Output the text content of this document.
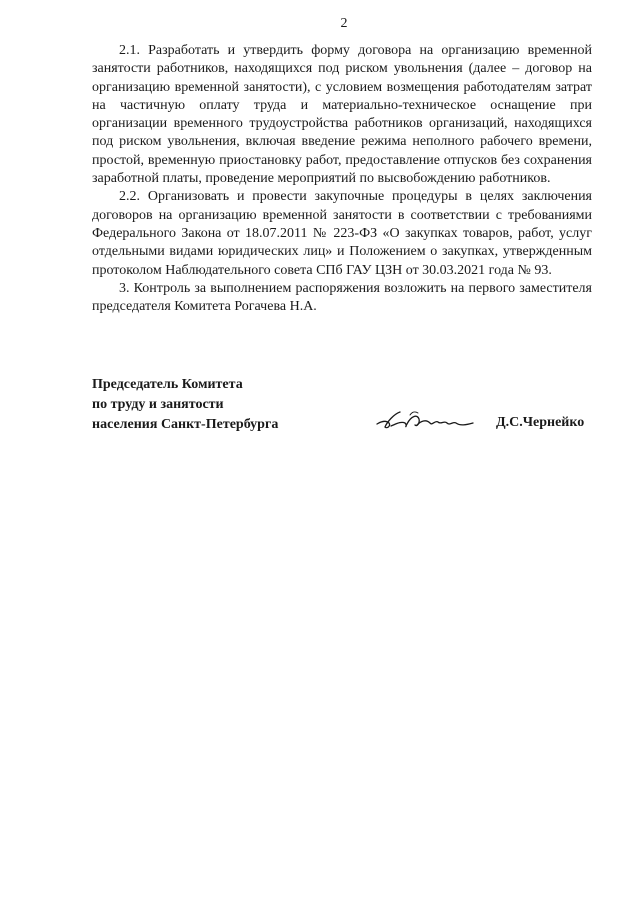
2

2.1. Разработать и утвердить форму договора на организацию временной занятости работников, находящихся под риском увольнения (далее – договор на организацию временной занятости), с условием возмещения работодателям затрат на частичную оплату труда и материально-техническое оснащение при организации временного трудоустройства работников организаций, находящихся под риском увольнения, включая введение режима неполного рабочего времени, простой, временную приостановку работ, предоставление отпусков без сохранения заработной платы, проведение мероприятий по высвобождению работников.

2.2. Организовать и провести закупочные процедуры в целях заключения договоров на организацию временной занятости в соответствии с требованиями Федерального Закона от 18.07.2011 № 223-ФЗ «О закупках товаров, работ, услуг отдельными видами юридических лиц» и Положением о закупках, утвержденным протоколом Наблюдательного совета СПб ГАУ ЦЗН от 30.03.2021 года № 93.

3. Контроль за выполнением распоряжения возложить на первого заместителя председателя Комитета Рогачева Н.А.

Председатель Комитета
по труду и занятости
населения Санкт-Петербурга	Д.С.Чернейко
